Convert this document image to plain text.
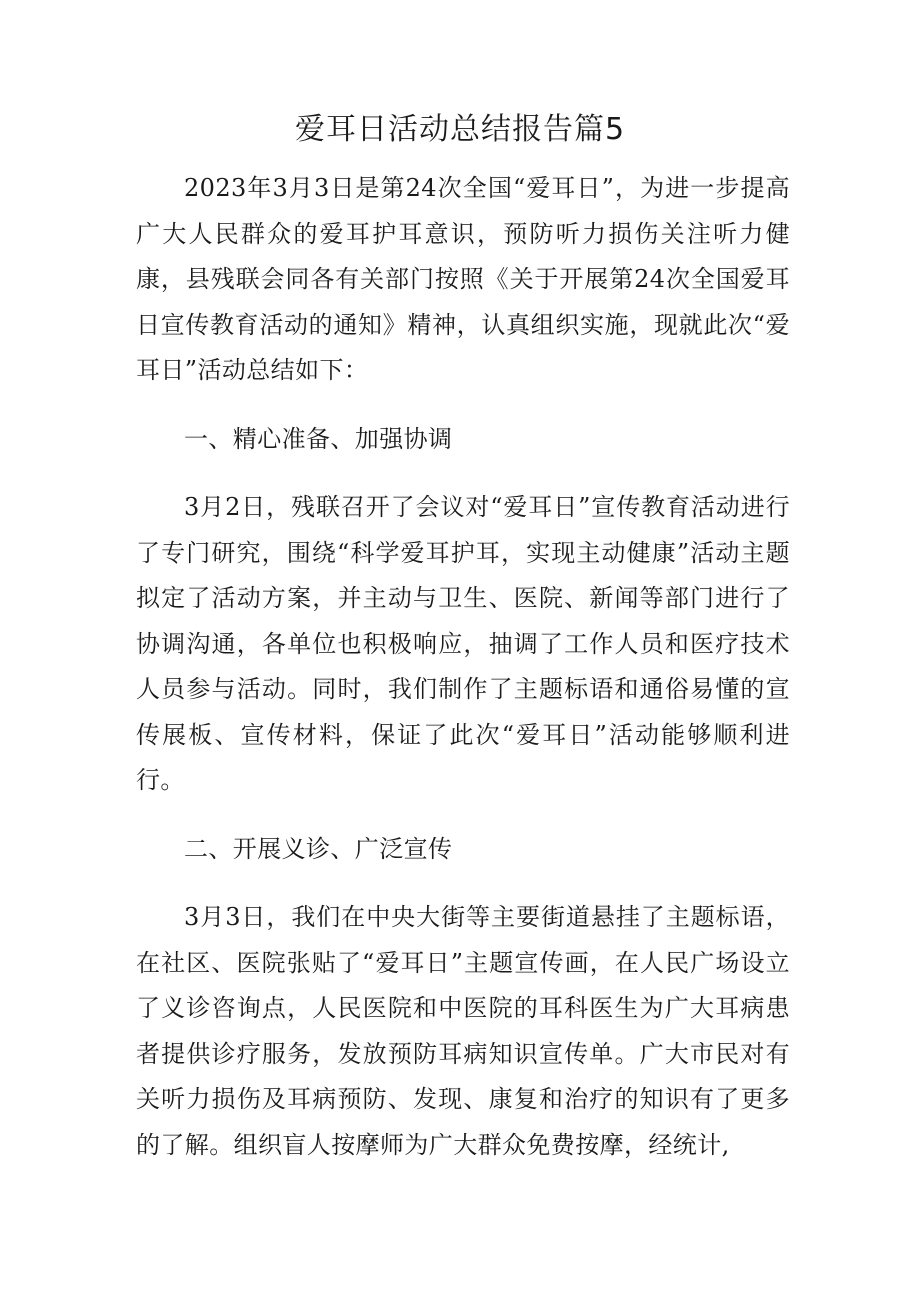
爱耳日活动总结报告篇5

2023年3月3日是第24次全国“爱耳日”，为进一步提高广大人民群众的爱耳护耳意识，预防听力损伤关注听力健康，县残联会同各有关部门按照《关于开展第24次全国爱耳日宣传教育活动的通知》精神，认真组织实施，现就此次“爱耳日”活动总结如下：

一、精心准备、加强协调

3月2日，残联召开了会议对“爱耳日”宣传教育活动进行了专门研究，围绕“科学爱耳护耳，实现主动健康”活动主题拟定了活动方案，并主动与卫生、医院、新闻等部门进行了协调沟通，各单位也积极响应，抽调了工作人员和医疗技术人员参与活动。同时，我们制作了主题标语和通俗易懂的宣传展板、宣传材料，保证了此次“爱耳日”活动能够顺利进行。

二、开展义诊、广泛宣传

3月3日，我们在中央大街等主要街道悬挂了主题标语，在社区、医院张贴了“爱耳日”主题宣传画，在人民广场设立了义诊咨询点，人民医院和中医院的耳科医生为广大耳病患者提供诊疗服务，发放预防耳病知识宣传单。广大市民对有关听力损伤及耳病预防、发现、康复和治疗的知识有了更多的了解。组织盲人按摩师为广大群众免费按摩，经统计,
